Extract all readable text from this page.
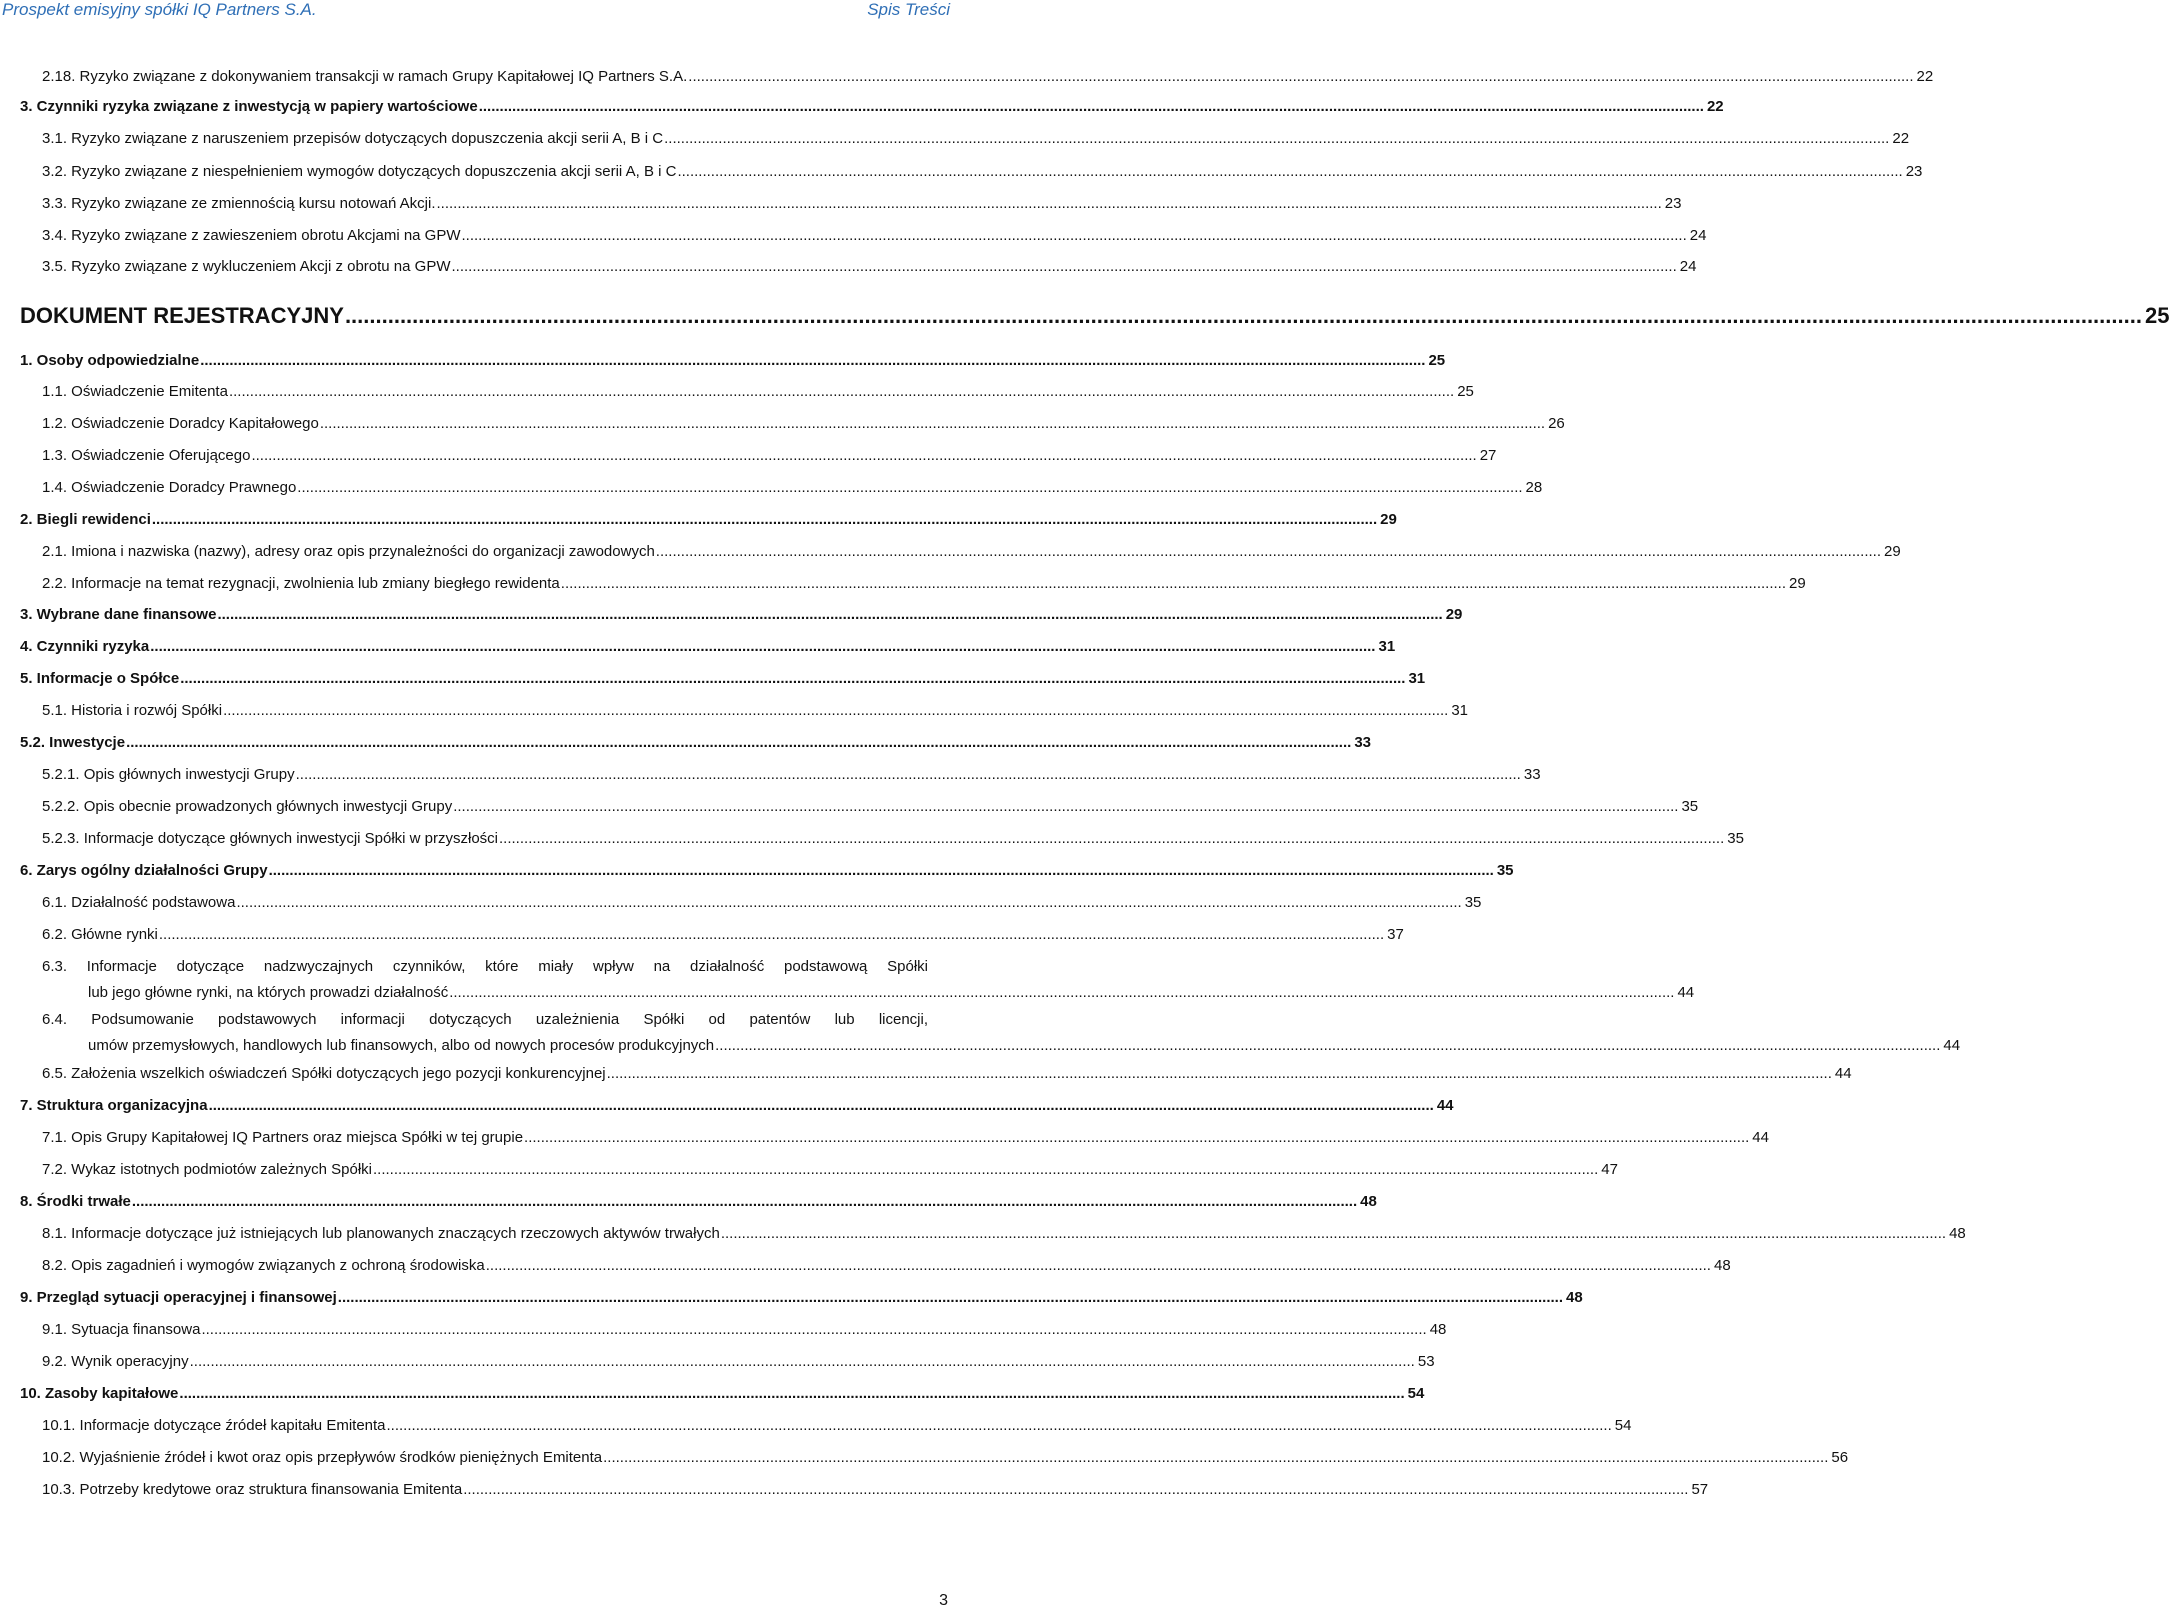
Prospekt emisyjny spółki IQ Partners S.A.	Spis Treści
2.18. Ryzyko związane z dokonywaniem transakcji w ramach Grupy Kapitałowej IQ Partners S.A. .....	22
3. Czynniki ryzyka związane z inwestycją w papiery wartościowe .....	22
3.1. Ryzyko związane z naruszeniem przepisów dotyczących dopuszczenia akcji serii A, B i C .....	22
3.2. Ryzyko związane z niespełnieniem wymogów dotyczących dopuszczenia akcji serii A, B i C .....	23
3.3. Ryzyko związane ze zmiennością kursu notowań Akcji. .....	23
3.4. Ryzyko związane z zawieszeniem obrotu Akcjami na GPW .....	24
3.5. Ryzyko związane z wykluczeniem Akcji z obrotu na GPW .....	24
DOKUMENT REJESTRACYJNY .....	25
1. Osoby odpowiedzialne .....	25
1.1. Oświadczenie Emitenta .....	25
1.2. Oświadczenie Doradcy Kapitałowego .....	26
1.3. Oświadczenie Oferującego .....	27
1.4. Oświadczenie Doradcy Prawnego .....	28
2. Biegli rewidenci .....	29
2.1. Imiona i nazwiska (nazwy), adresy oraz opis przynależności do organizacji zawodowych .....	29
2.2. Informacje na temat rezygnacji, zwolnienia lub zmiany biegłego rewidenta .....	29
3. Wybrane dane finansowe .....	29
4. Czynniki ryzyka .....	31
5. Informacje o Spółce .....	31
5.1. Historia i rozwój Spółki .....	31
5.2. Inwestycje .....	33
5.2.1. Opis głównych inwestycji Grupy .....	33
5.2.2. Opis obecnie prowadzonych głównych inwestycji Grupy .....	35
5.2.3. Informacje dotyczące głównych inwestycji Spółki w przyszłości .....	35
6. Zarys ogólny działalności Grupy .....	35
6.1. Działalność podstawowa .....	35
6.2. Główne rynki .....	37
6.3. Informacje dotyczące nadzwyczajnych czynników, które miały wpływ na działalność podstawową Spółki
lub jego główne rynki, na których prowadzi działalność .....	44
6.4. Podsumowanie podstawowych informacji dotyczących uzależnienia Spółki od patentów lub licencji,
umów przemysłowych, handlowych lub finansowych, albo od nowych procesów produkcyjnych .....	44
6.5. Założenia wszelkich oświadczeń Spółki dotyczących jego pozycji konkurencyjnej .....	44
7. Struktura organizacyjna .....	44
7.1. Opis Grupy Kapitałowej IQ Partners oraz miejsca Spółki w tej grupie .....	44
7.2. Wykaz istotnych podmiotów zależnych Spółki .....	47
8. Środki trwałe .....	48
8.1. Informacje dotyczące już istniejących lub planowanych znaczących rzeczowych aktywów trwałych .....	48
8.2. Opis zagadnień i wymogów związanych z ochroną środowiska .....	48
9. Przegląd sytuacji operacyjnej i finansowej .....	48
9.1. Sytuacja finansowa .....	48
9.2. Wynik operacyjny .....	53
10. Zasoby kapitałowe .....	54
10.1. Informacje dotyczące źródeł kapitału Emitenta .....	54
10.2. Wyjaśnienie źródeł i kwot oraz opis przepływów środków pieniężnych Emitenta .....	56
10.3. Potrzeby kredytowe oraz struktura finansowania Emitenta .....	57
3
